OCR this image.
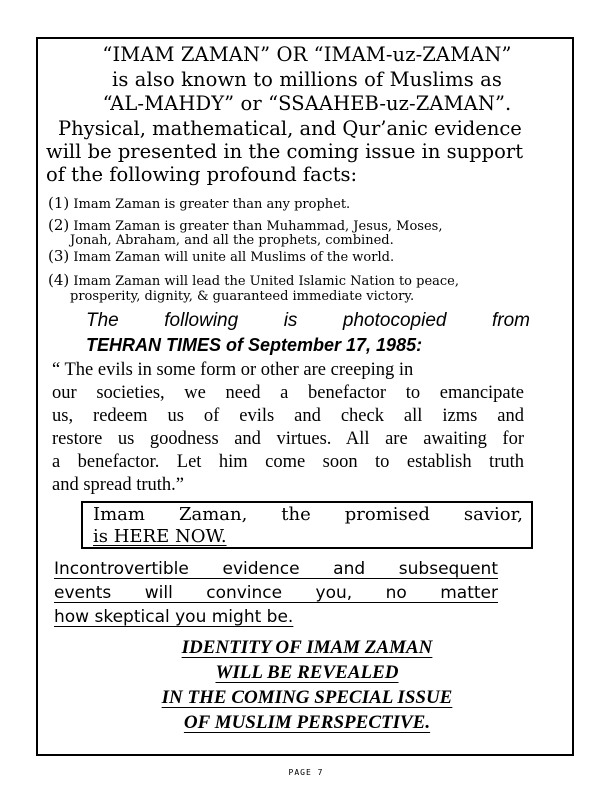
“IMAM ZAMAN” OR “IMAM-uz-ZAMAN”
is also known to millions of Muslims as
“AL-MAHDY” or “SSAAHEB-uz-ZAMAN”.
Physical, mathematical, and Qur’anic evidence
will be presented in the coming issue in support
of the following profound facts:
(1) Imam Zaman is greater than any prophet.
(2) Imam Zaman is greater than Muhammad, Jesus, Moses,
Jonah, Abraham, and all the prophets, combined.
(3) Imam Zaman will unite all Muslims of the world.
(4) Imam Zaman will lead the United Islamic Nation to peace,
prosperity, dignity, & guaranteed immediate victory.
The following is photocopied from
TEHRAN TIMES of September 17, 1985:
“ The evils in some form or other are creeping in
our societies, we need a benefactor to emancipate
us, redeem us of evils and check all izms and
restore us goodness and virtues. All are awaiting for
a benefactor. Let him come soon to establish truth
and spread truth.”
Imam Zaman, the promised savior,
is HERE NOW.
Incontrovertible evidence and subsequent
events will convince you, no matter
how skeptical you might be.
IDENTITY OF IMAM ZAMAN
WILL BE REVEALED
IN THE COMING SPECIAL ISSUE
OF MUSLIM PERSPECTIVE.
PAGE 7
